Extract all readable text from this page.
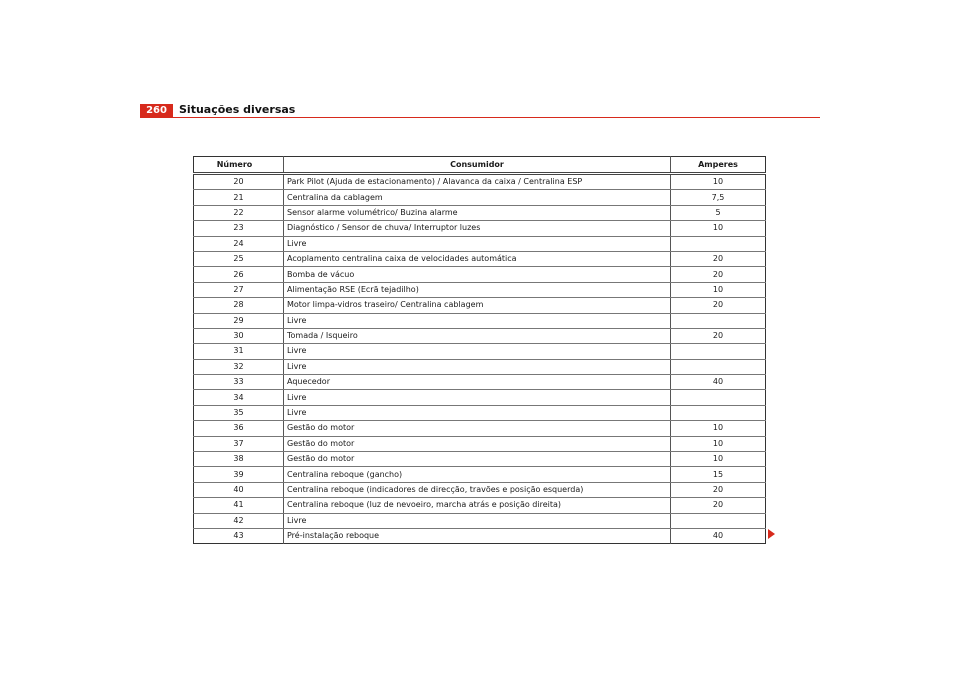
260	Situações diversas
Número	Consumidor	Amperes
20	Park Pilot (Ajuda de estacionamento) / Alavanca da caixa / Centralina ESP	10
21	Centralina da cablagem	7,5
22	Sensor alarme volumétrico/ Buzina alarme	5
23	Diagnóstico / Sensor de chuva/ Interruptor luzes	10
24	Livre	
25	Acoplamento centralina caixa de velocidades automática	20
26	Bomba de vácuo	20
27	Alimentação RSE (Ecrã tejadilho)	10
28	Motor limpa-vidros traseiro/ Centralina cablagem	20
29	Livre	
30	Tomada / Isqueiro	20
31	Livre	
32	Livre	
33	Aquecedor	40
34	Livre	
35	Livre	
36	Gestão do motor	10
37	Gestão do motor	10
38	Gestão do motor	10
39	Centralina reboque (gancho)	15
40	Centralina reboque (indicadores de direcção, travões e posição esquerda)	20
41	Centralina reboque (luz de nevoeiro, marcha atrás e posição direita)	20
42	Livre	
43	Pré-instalação reboque	40
